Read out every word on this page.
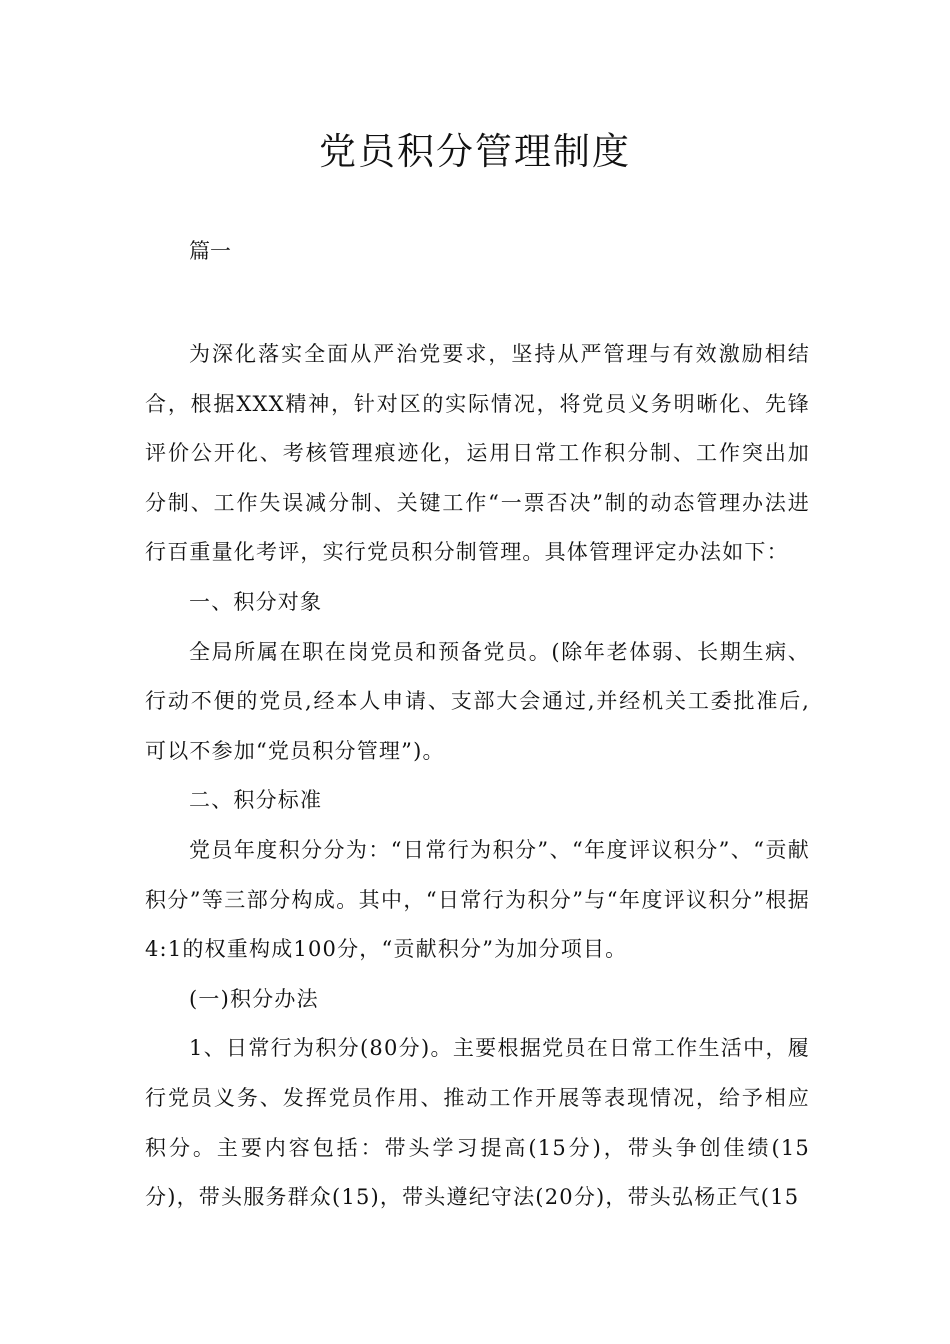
党员积分管理制度
篇一

为深化落实全面从严治党要求，坚持从严管理与有效激励相结合，根据XXX精神，针对区的实际情况，将党员义务明晰化、先锋评价公开化、考核管理痕迹化，运用日常工作积分制、工作突出加分制、工作失误减分制、关键工作“一票否决”制的动态管理办法进行百重量化考评，实行党员积分制管理。具体管理评定办法如下：

一、积分对象

全局所属在职在岗党员和预备党员。(除年老体弱、长期生病、行动不便的党员,经本人申请、支部大会通过,并经机关工委批准后,可以不参加“党员积分管理”)。

二、积分标准

党员年度积分分为：“日常行为积分”、“年度评议积分”、“贡献积分”等三部分构成。其中，“日常行为积分”与“年度评议积分”根据4:1的权重构成100分，“贡献积分”为加分项目。

(一)积分办法

1、日常行为积分(80分)。主要根据党员在日常工作生活中，履行党员义务、发挥党员作用、推动工作开展等表现情况，给予相应积分。主要内容包括：带头学习提高(15分)，带头争创佳绩(15分)，带头服务群众(15)，带头遵纪守法(20分)，带头弘杨正气(15
